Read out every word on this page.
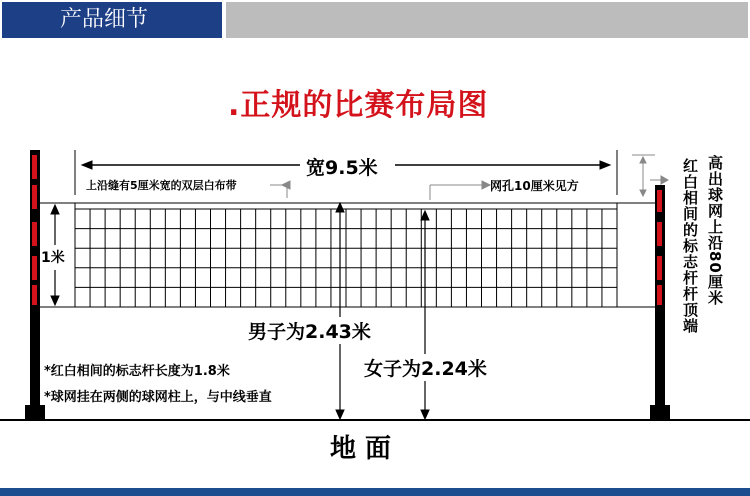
产品细节
.正规的比赛布局图
宽9.5米
上沿缝有5厘米宽的双层白布带	网孔10厘米见方
1米
男子为2.43米
女子为2.24米
*红白相间的标志杆长度为1.8米
*球网挂在两侧的球网柱上，与中线垂直
地 面
高出球网上沿80厘米
红白相间的标志杆杆顶端
